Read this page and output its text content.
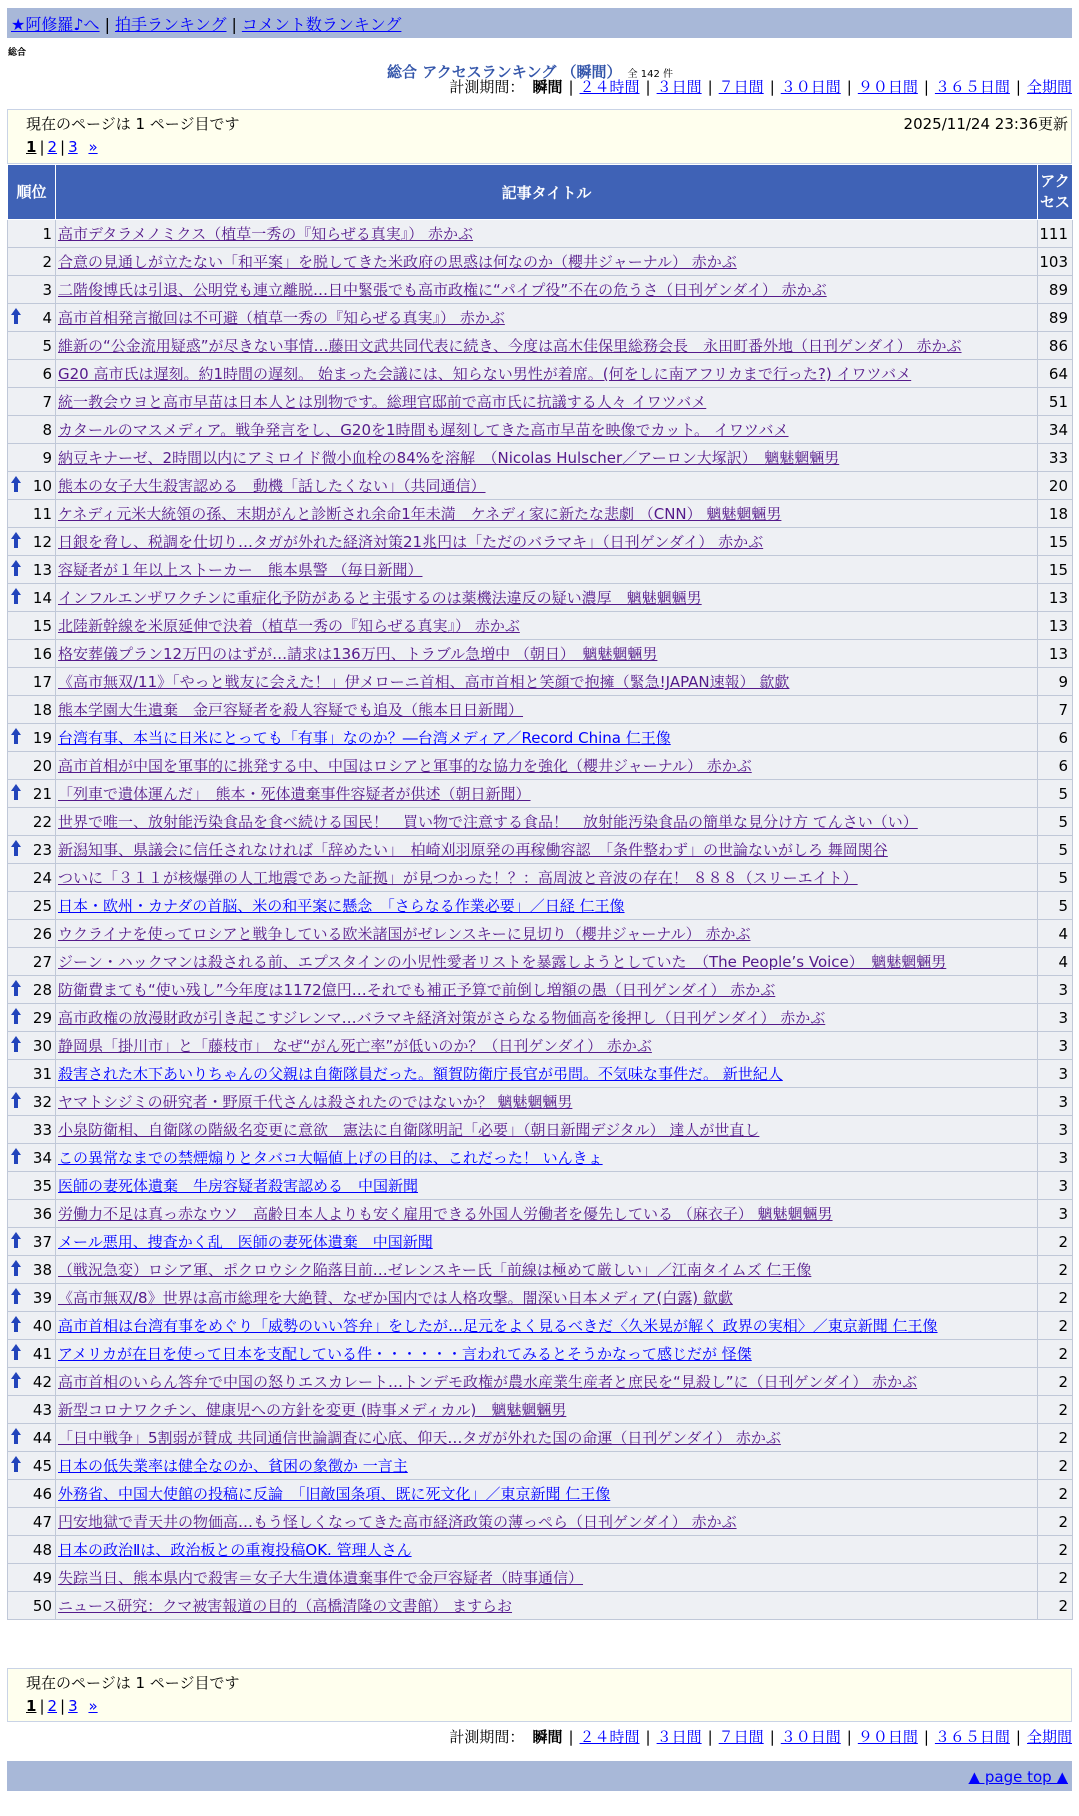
★阿修羅♪へ | 拍手ランキング | コメント数ランキング
総合
総合 アクセスランキング （瞬間） 全 142 件
計測期間： 瞬間 | ２４時間 | ３日間 | ７日間 | ３０日間 | ９０日間 | ３６５日間 | 全期間
現在のページは 1 ページ目です	2025/11/24 23:36更新
1 | 2 | 3 »
順位	記事タイトル	アクセス
1	高市デタラメノミクス（植草一秀の『知らぜる真実』） 赤かぶ	111
2	合意の見通しが立たない「和平案」を脱してきた米政府の思惑は何なのか（櫻井ジャーナル） 赤かぶ	103
3	二階俊博氏は引退、公明党も連立離脱…日中緊張でも高市政権に“パイプ役”不在の危うさ（日刊ゲンダイ） 赤かぶ	89

4	高市首相発言撤回は不可避（植草一秀の『知らぜる真実』） 赤かぶ	89
5	維新の“公金流用疑惑”が尽きない事情…藤田文武共同代表に続き、今度は高木佳保里総務会長　永田町番外地（日刊ゲンダイ） 赤かぶ	86
6	G20 高市氏は遅刻。約1時間の遅刻。 始まった会議には、知らない男性が着席。(何をしに南アフリカまで行った?) イワツバメ	64
7	統一教会ウヨと高市早苗は日本人とは別物です。総理官邸前で高市氏に抗議する人々 イワツバメ	51
8	カタールのマスメディア。戦争発言をし、G20を1時間も遅刻してきた高市早苗を映像でカット。 イワツバメ	34
9	納豆キナーゼ、2時間以内にアミロイド微小血栓の84%を溶解　（Nicolas Hulscher／アーロン大塚訳）　魑魅魍魎男	33

10	熊本の女子大生殺害認める　動機「話したくない」（共同通信）	20
11	ケネディ元米大統領の孫、末期がんと診断され余命1年未満　ケネディ家に新たな悲劇 （CNN） 魑魅魍魎男	18

12	日銀を脅し、税調を仕切り…タガが外れた経済対策21兆円は「ただのバラマキ」（日刊ゲンダイ） 赤かぶ	15

13	容疑者が１年以上ストーカー　熊本県警 （毎日新聞）	15

14	インフルエンザワクチンに重症化予防があると主張するのは薬機法違反の疑い濃厚　魑魅魍魎男	13
15	北陸新幹線を米原延伸で決着（植草一秀の『知らぜる真実』） 赤かぶ	13
16	格安葬儀プラン12万円のはずが…請求は136万円、トラブル急増中 （朝日）　魑魅魍魎男	13
17	《高市無双/11》「やっと戦友に会えた！」伊メローニ首相、高市首相と笑顔で抱擁（緊急!JAPAN速報） 歙歔	9
18	熊本学園大生遺棄　金戸容疑者を殺人容疑でも追及（熊本日日新聞）	7

19	台湾有事、本当に日米にとっても「有事」なのか？―台湾メディア／Record China 仁王像	6
20	高市首相が中国を軍事的に挑発する中、中国はロシアと軍事的な協力を強化（櫻井ジャーナル） 赤かぶ	6

21	「列車で遺体運んだ」　熊本・死体遺棄事件容疑者が供述（朝日新聞）	5
22	世界で唯一、放射能汚染食品を食べ続ける国民！　買い物で注意する食品！　放射能汚染食品の簡単な見分け方 てんさい（い）	5

23	新潟知事、県議会に信任されなければ「辞めたい」　柏崎刈羽原発の再稼働容認　「条件整わず」の世論ないがしろ 舞岡関谷	5
24	ついに「３１１が核爆弾の人工地震であった証拠」が見つかった！？：高周波と音波の存在！ ８８８（スリーエイト）	5
25	日本・欧州・カナダの首脳、米の和平案に懸念　「さらなる作業必要」／日経 仁王像	5
26	ウクライナを使ってロシアと戦争している欧米諸国がゼレンスキーに見切り（櫻井ジャーナル） 赤かぶ	4
27	ジーン・ハックマンは殺される前、エプスタインの小児性愛者リストを暴露しようとしていた　（The People’s Voice）　魑魅魍魎男	4

28	防衛費まても“使い残し”今年度は1172億円…それでも補正予算で前倒し増額の愚（日刊ゲンダイ） 赤かぶ	3

29	高市政権の放漫財政が引き起こすジレンマ…バラマキ経済対策がさらなる物価高を後押し（日刊ゲンダイ） 赤かぶ	3

30	静岡県「掛川市」と「藤枝市」 なぜ“がん死亡率”が低いのか？（日刊ゲンダイ） 赤かぶ	3
31	殺害された木下あいりちゃんの父親は自衛隊員だった。額賀防衛庁長官が弔問。不気味な事件だ。 新世紀人	3

32	ヤマトシジミの研究者・野原千代さんは殺されたのではないか？ 魑魅魍魎男	3
33	小泉防衛相、自衛隊の階級名変更に意欲　憲法に自衛隊明記「必要」（朝日新聞デジタル） 達人が世直し	3

34	この異常なまでの禁煙煽りとタバコ大幅値上げの目的は、これだった！ いんきょ	3
35	医師の妻死体遺棄　牛房容疑者殺害認める　中国新聞	3
36	労働力不足は真っ赤なウソ　高齢日本人よりも安く雇用できる外国人労働者を優先している （麻衣子） 魑魅魍魎男	3

37	メール悪用、捜査かく乱　医師の妻死体遺棄　中国新聞	2

38	（戦況急変）ロシア軍、ポクロウシク陥落目前…ゼレンスキー氏「前線は極めて厳しい」／江南タイムズ 仁王像	2

39	《高市無双/8》世界は高市総理を大絶賛、なぜか国内では人格攻撃。闇深い日本メディア(白露) 歙歔	2

40	高市首相は台湾有事をめぐり「威勢のいい答弁」をしたが…足元をよく見るべきだ〈久米晃が解く 政界の実相〉／東京新聞 仁王像	2

41	アメリカが在日を使って日本を支配している件・・・・・・言われてみるとそうかなって感じだが 怪傑	2

42	高市首相のいらん答弁で中国の怒りエスカレート…トンデモ政権が農水産業生産者と庶民を“見殺し”に（日刊ゲンダイ） 赤かぶ	2
43	新型コロナワクチン、健康児への方針を変更 (時事メディカル)　魑魅魍魎男	2

44	「日中戦争」5割弱が賛成 共同通信世論調査に心底、仰天…タガが外れた国の命運（日刊ゲンダイ） 赤かぶ	2

45	日本の低失業率は健全なのか、貧困の象徴か 一言主	2
46	外務省、中国大使館の投稿に反論　「旧敵国条項、既に死文化」／東京新聞 仁王像	2
47	円安地獄で青天井の物価高…もう怪しくなってきた高市経済政策の薄っぺら（日刊ゲンダイ） 赤かぶ	2
48	日本の政治Ⅱは、政治板との重複投稿OK. 管理人さん	2
49	失踪当日、熊本県内で殺害＝女子大生遺体遺棄事件で金戸容疑者（時事通信）	2
50	ニュース研究：クマ被害報道の目的（高橋清隆の文書館） ますらお	2
現在のページは 1 ページ目です
1 | 2 | 3 »
計測期間： 瞬間 | ２４時間 | ３日間 | ７日間 | ３０日間 | ９０日間 | ３６５日間 | 全期間
▲ page top ▲
